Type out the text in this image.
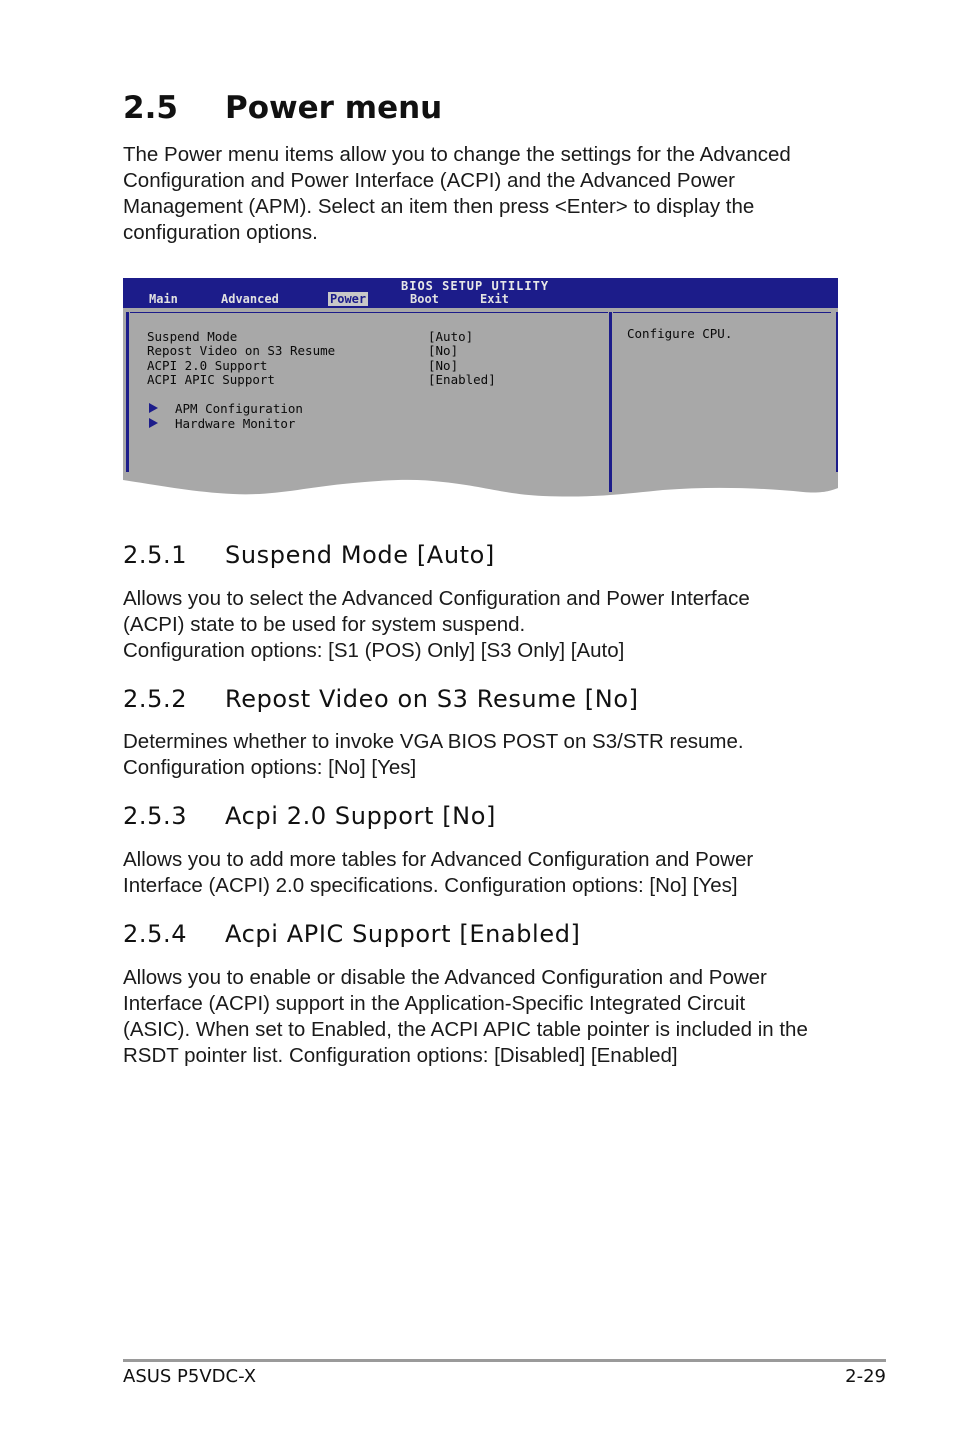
2.5 Power menu

The Power menu items allow you to change the settings for the Advanced
Configuration and Power Interface (ACPI) and the Advanced Power
Management (APM). Select an item then press <Enter> to display the
configuration options.

BIOS SETUP UTILITY
Main	Advanced	Power	Boot	Exit
Suspend Mode	[Auto]
Repost Video on S3 Resume	[No]
ACPI 2.0 Support	[No]
ACPI APIC Support	[Enabled]
APM Configuration
Hardware Monitor
Configure CPU.
2.5.1 Suspend Mode [Auto]

Allows you to select the Advanced Configuration and Power Interface
(ACPI) state to be used for system suspend.
Configuration options: [S1 (POS) Only] [S3 Only] [Auto]

2.5.2 Repost Video on S3 Resume [No]

Determines whether to invoke VGA BIOS POST on S3/STR resume.
Configuration options: [No] [Yes]

2.5.3 Acpi 2.0 Support [No]

Allows you to add more tables for Advanced Configuration and Power
Interface (ACPI) 2.0 specifications. Configuration options: [No] [Yes]

2.5.4 Acpi APIC Support [Enabled]

Allows you to enable or disable the Advanced Configuration and Power
Interface (ACPI) support in the Application-Specific Integrated Circuit
(ASIC). When set to Enabled, the ACPI APIC table pointer is included in the
RSDT pointer list. Configuration options: [Disabled] [Enabled]

ASUS P5VDC-X	2-29
